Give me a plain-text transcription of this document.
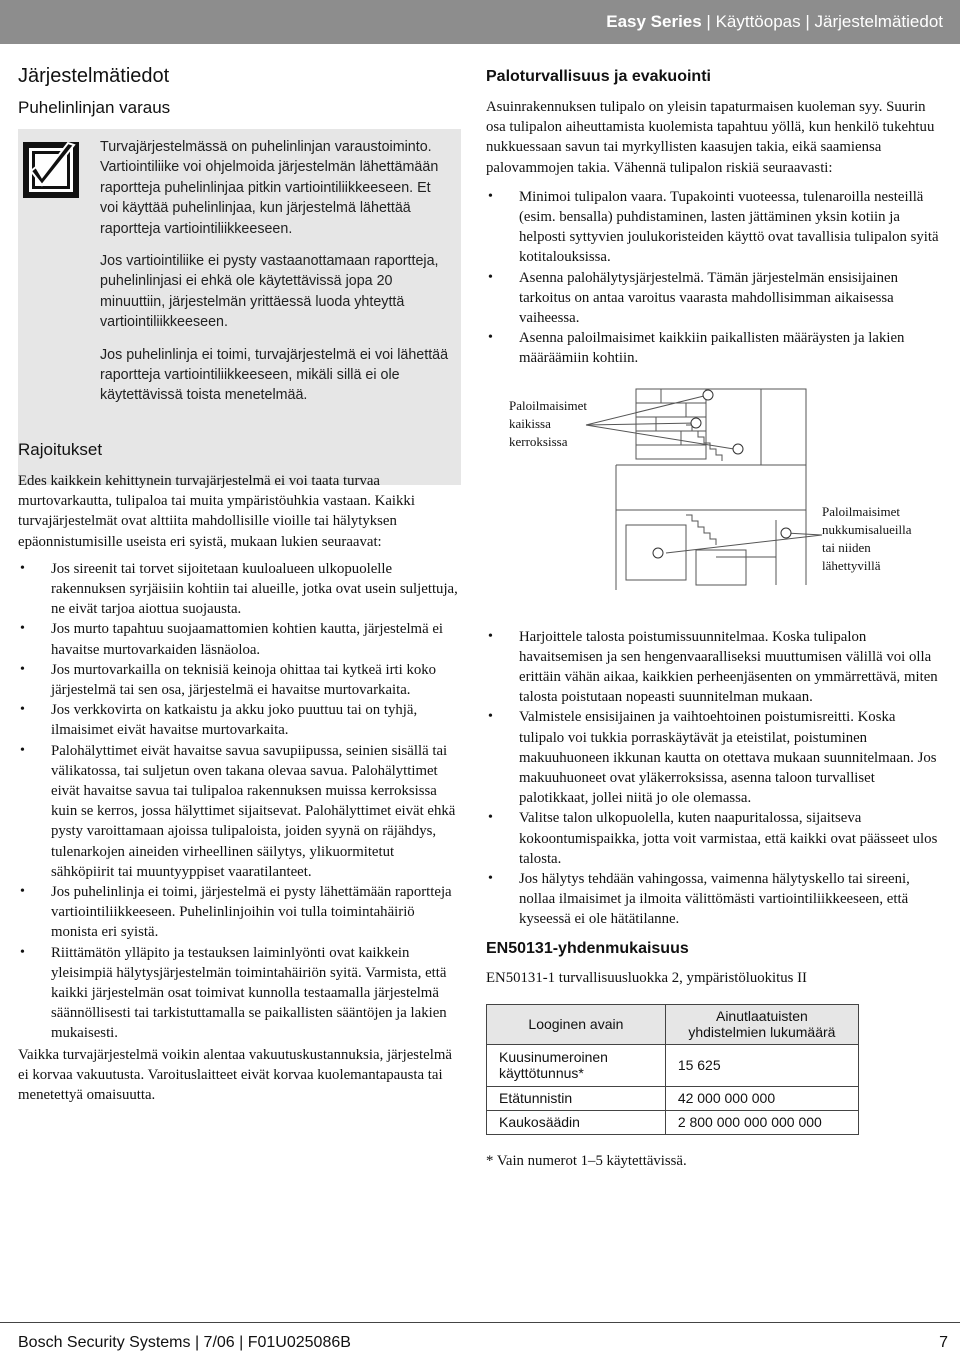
Easy Series | Käyttöopas | Järjestelmätiedot
Järjestelmätiedot
Puhelinlinjan varaus

Turvajärjestelmässä on puhelinlinjan varaustoiminto. Vartiointiliike voi ohjelmoida järjestelmän lähettämään raportteja puhelinlinjaa pitkin vartiointiliikkeeseen. Et voi käyttää puhelinlinjaa, kun järjestelmä lähettää raportteja vartiointiliikkeeseen.

Jos vartiointiliike ei pysty vastaanottamaan raportteja, puhelinlinjasi ei ehkä ole käytettävissä jopa 20 minuuttiin, järjestelmän yrittäessä luoda yhteyttä vartiointiliikkeeseen.

Jos puhelinlinja ei toimi, turvajärjestelmä ei voi lähettää raportteja vartiointiliikkeeseen, mikäli sillä ei ole käytettävissä toista menetelmää.

Rajoitukset

Edes kaikkein kehittynein turvajärjestelmä ei voi taata turvaa murtovarkautta, tulipaloa tai muita ympäristöuhkia vastaan. Kaikki turvajärjestelmät ovat alttiita mahdollisille vioille tai hälytyksen epäonnistumisille useista eri syistä, mukaan lukien seuraavat:

• Jos sireenit tai torvet sijoitetaan kuuloalueen ulkopuolelle rakennuksen syrjäisiin kohtiin tai alueille, jotka ovat usein suljettuja, ne eivät tarjoa aiottua suojausta.
• Jos murto tapahtuu suojaamattomien kohtien kautta, järjestelmä ei havaitse murtovarkaiden läsnäoloa.
• Jos murtovarkailla on teknisiä keinoja ohittaa tai kytkeä irti koko järjestelmä tai sen osa, järjestelmä ei havaitse murtovarkaita.
• Jos verkkovirta on katkaistu ja akku joko puuttuu tai on tyhjä, ilmaisimet eivät havaitse murtovarkaita.
• Palohälyttimet eivät havaitse savua savupiipussa, seinien sisällä tai välikatossa, tai suljetun oven takana olevaa savua. Palohälyttimet eivät havaitse savua tai tulipaloa rakennuksen muissa kerroksissa kuin se kerros, jossa hälyttimet sijaitsevat. Palohälyttimet eivät ehkä pysty varoittamaan ajoissa tulipaloista, joiden syynä on räjähdys, tulenarkojen aineiden virheellinen säilytys, ylikuormitetut sähköpiirit tai muuntyyppiset vaaratilanteet.
• Jos puhelinlinja ei toimi, järjestelmä ei pysty lähettämään raportteja vartiointiliikkeeseen. Puhelinlinjoihin voi tulla toimintahäiriö monista eri syistä.
• Riittämätön ylläpito ja testauksen laiminlyönti ovat kaikkein yleisimpiä hälytysjärjestelmän toimintahäiriön syitä. Varmista, että kaikki järjestelmän osat toimivat kunnolla testaamalla järjestelmä säännöllisesti tai tarkistuttamalla se paikallisten sääntöjen ja lakien mukaisesti.

Vaikka turvajärjestelmä voikin alentaa vakuutuskustannuksia, järjestelmä ei korvaa vakuutusta. Varoituslaitteet eivät korvaa kuolemantapausta tai menetettyä omaisuutta.

Paloturvallisuus ja evakuointi

Asuinrakennuksen tulipalo on yleisin tapaturmaisen kuoleman syy. Suurin osa tulipalon aiheuttamista kuolemista tapahtuu yöllä, kun henkilö tukehtuu nukkuessaan savun tai myrkyllisten kaasujen takia, eikä saamiensa palovammojen takia. Vähennä tulipalon riskiä seuraavasti:

• Minimoi tulipalon vaara. Tupakointi vuoteessa, tulenaroilla nesteillä (esim. bensalla) puhdistaminen, lasten jättäminen yksin kotiin ja helposti syttyvien joulukoristeiden käyttö ovat tavallisia tulipalon syitä kotitalouksissa.
• Asenna palohälytysjärjestelmä. Tämän järjestelmän ensisijainen tarkoitus on antaa varoitus vaarasta mahdollisimman aikaisessa vaiheessa.
• Asenna paloilmaisimet kaikkiin paikallisten määräysten ja lakien määräämiin kohtiin.
Paloilmaisimet
kaikissa
kerroksissa
Paloilmaisimet
nukkumisalueilla
tai niiden
lähettyvillä
• Harjoittele talosta poistumissuunnitelmaa. Koska tulipalon havaitsemisen ja sen hengenvaaralliseksi muuttumisen välillä voi olla erittäin vähän aikaa, kaikkien perheenjäsenten on ymmärrettävä, miten talosta poistutaan nopeasti suunnitelman mukaan.
• Valmistele ensisijainen ja vaihtoehtoinen poistumisreitti. Koska tulipalo voi tukkia porraskäytävät ja eteistilat, poistuminen makuuhuoneen ikkunan kautta on otettava mukaan suunnitelmaan. Jos makuuhuoneet ovat yläkerroksissa, asenna taloon turvalliset palotikkaat, jollei niitä jo ole olemassa.
• Valitse talon ulkopuolella, kuten naapuritalossa, sijaitseva kokoontumispaikka, jotta voit varmistaa, että kaikki ovat päässeet ulos talosta.
• Jos hälytys tehdään vahingossa, vaimenna hälytyskello tai sireeni, nollaa ilmaisimet ja ilmoita välittömästi vartiointiliikkeeseen, että kyseessä ei ole hätätilanne.
EN50131-yhdenmukaisuus

EN50131-1 turvallisuusluokka 2, ympäristöluokitus II

Looginen avain	Ainutlaatuisten yhdistelmien lukumäärä
Kuusinumeroinen käyttötunnus*	15 625
Etätunnistin	42 000 000 000
Kaukosäädin	2 800 000 000 000 000

* Vain numerot 1–5 käytettävissä.

Bosch Security Systems | 7/06 | F01U025086B	7
